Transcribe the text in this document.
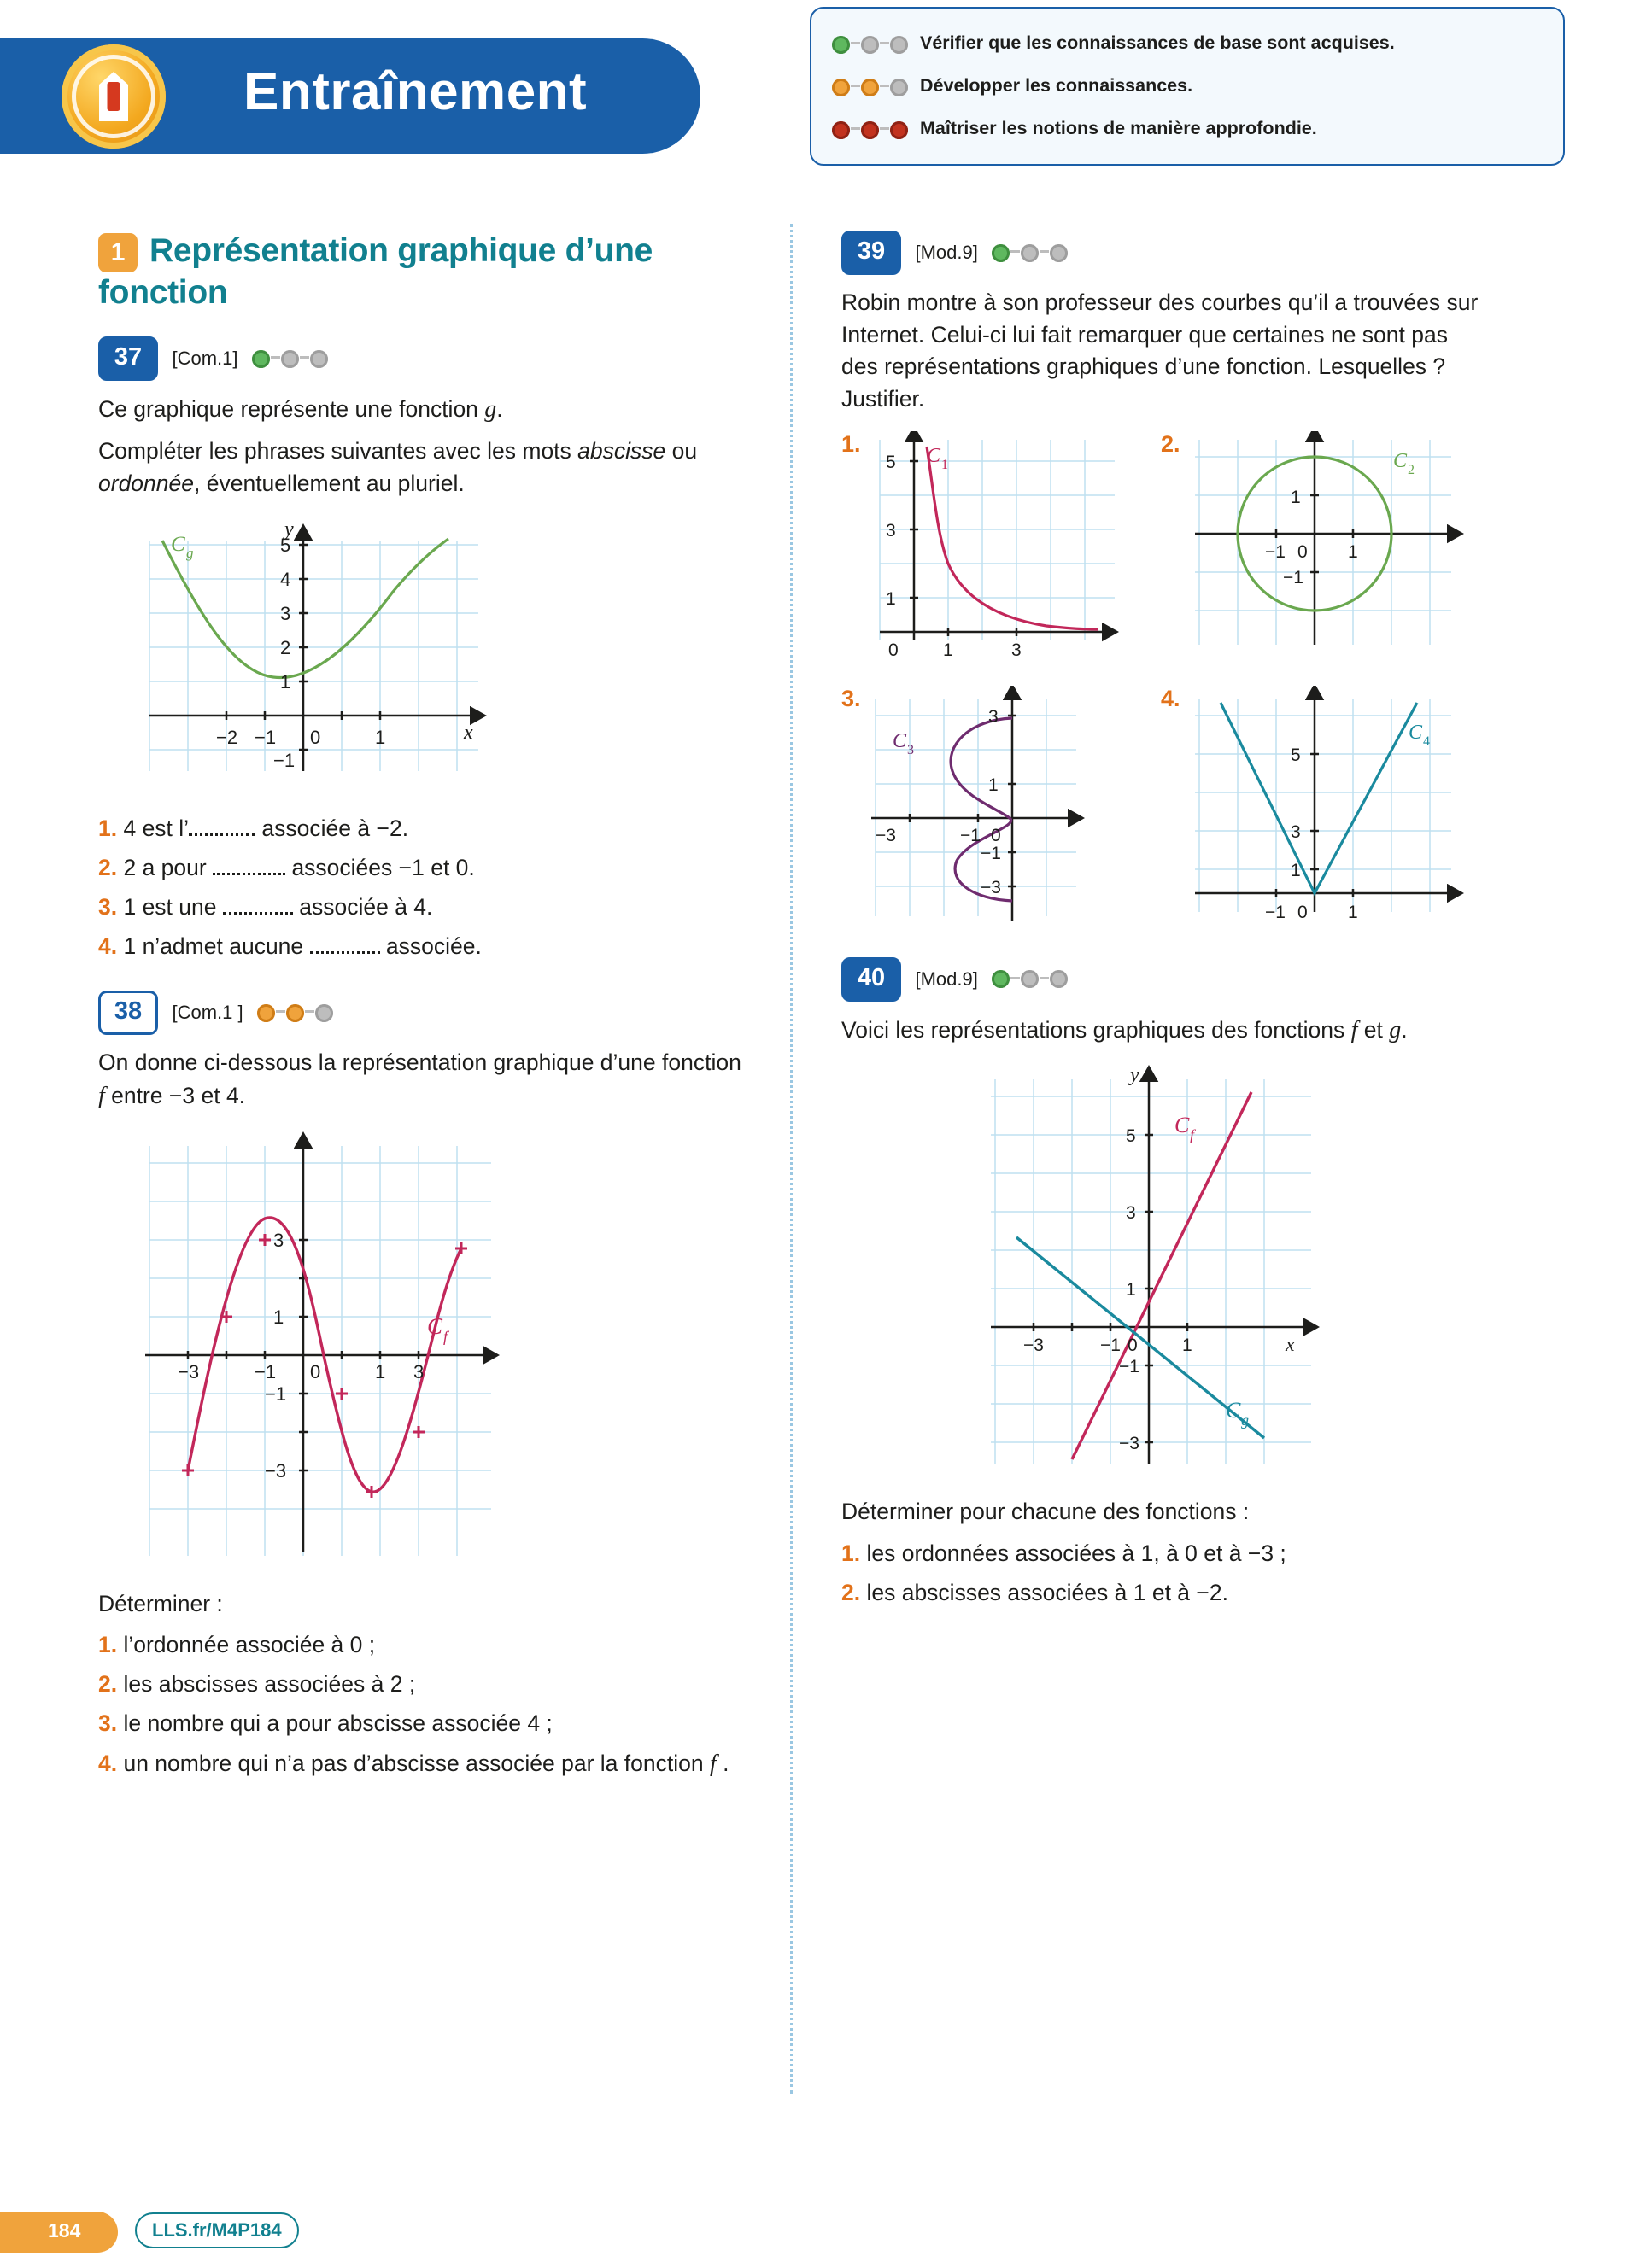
Entraînement
Vérifier que les connaissances de base sont acquises.
Développer les connaissances.
Maîtriser les notions de manière approfondie.
1 Représentation graphique d’une fonction
37 [Com.1]

Ce graphique représente une fonction g.

Compléter les phrases suivantes avec les mots abscisse ou ordonnée, éventuellement au pluriel.

C g
y
x
−2 −1 0	1
1
2
3
4
5
−1

1. 4 est l’	associée à −2.

2. 2 a pour	associées −1 et 0.

3. 1 est une	associée à 4.

4. 1 n’admet aucune	associée.

38 [Com.1 ]

On donne ci-dessous la représentation graphique d’une fonction f entre −3 et 4.

C f
−3	−1 0	1 3
1
3
−1
−3

Déterminer :

1. l’ordonnée associée à 0 ;

2. les abscisses associées à 2 ;

3. le nombre qui a pour abscisse associée 4 ;

4. un nombre qui n’a pas d’abscisse associée par la fonction f .

39 [Mod.9]

Robin montre à son professeur des courbes qu’il a trouvées sur Internet. Celui-ci lui fait remarquer que certaines ne sont pas des représentations graphiques d’une fonction. Lesquelles ? Justifier.

1.	C 1
0 1	3
1
3
5
2.
C 2
−1 0 1
1
−1
3.
C 3
−3	−1 0
3
1
−1
−3
4.
C 4
−1 0 1
5
3
1
40 [Mod.9]

Voici les représentations graphiques des fonctions f et g.

C f
C g
y
x
−3	−1 0 1
5
3
1
−1
−3

Déterminer pour chacune des fonctions :

1. les ordonnées associées à 1, à 0 et à −3 ;

2. les abscisses associées à 1 et à −2.

184	LLS.fr/M4P184
